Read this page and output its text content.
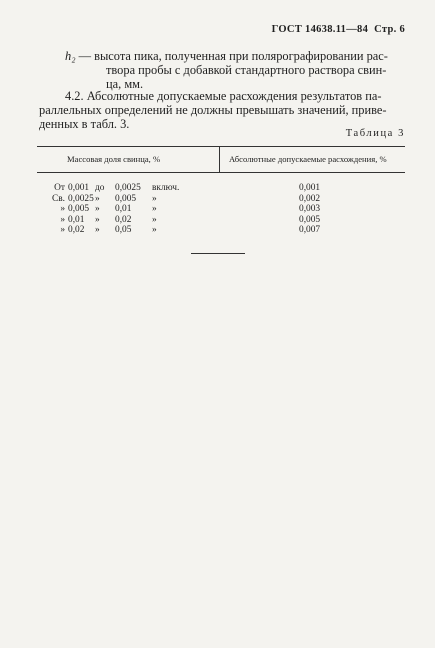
ГОСТ 14638.11—84 Стр. 6
h₂ — высота пика, полученная при полярографировании рас-
твора пробы с добавкой стандартного раствора свин-
ца, мм.
4.2. Абсолютные допускаемые расхождения результатов па-
раллельных определений не должны превышать значений, приве-
денных в табл. 3.
Таблица 3
Массовая доля свинца, %	Абсолютные допускаемые расхождения, %
От 0,001 до 0,0025 включ.	0,001
Св. 0,0025 » 0,005 »	0,002
» 0,005 » 0,01 »	0,003
» 0,01 » 0,02 »	0,005
» 0,02 » 0,05 »	0,007
